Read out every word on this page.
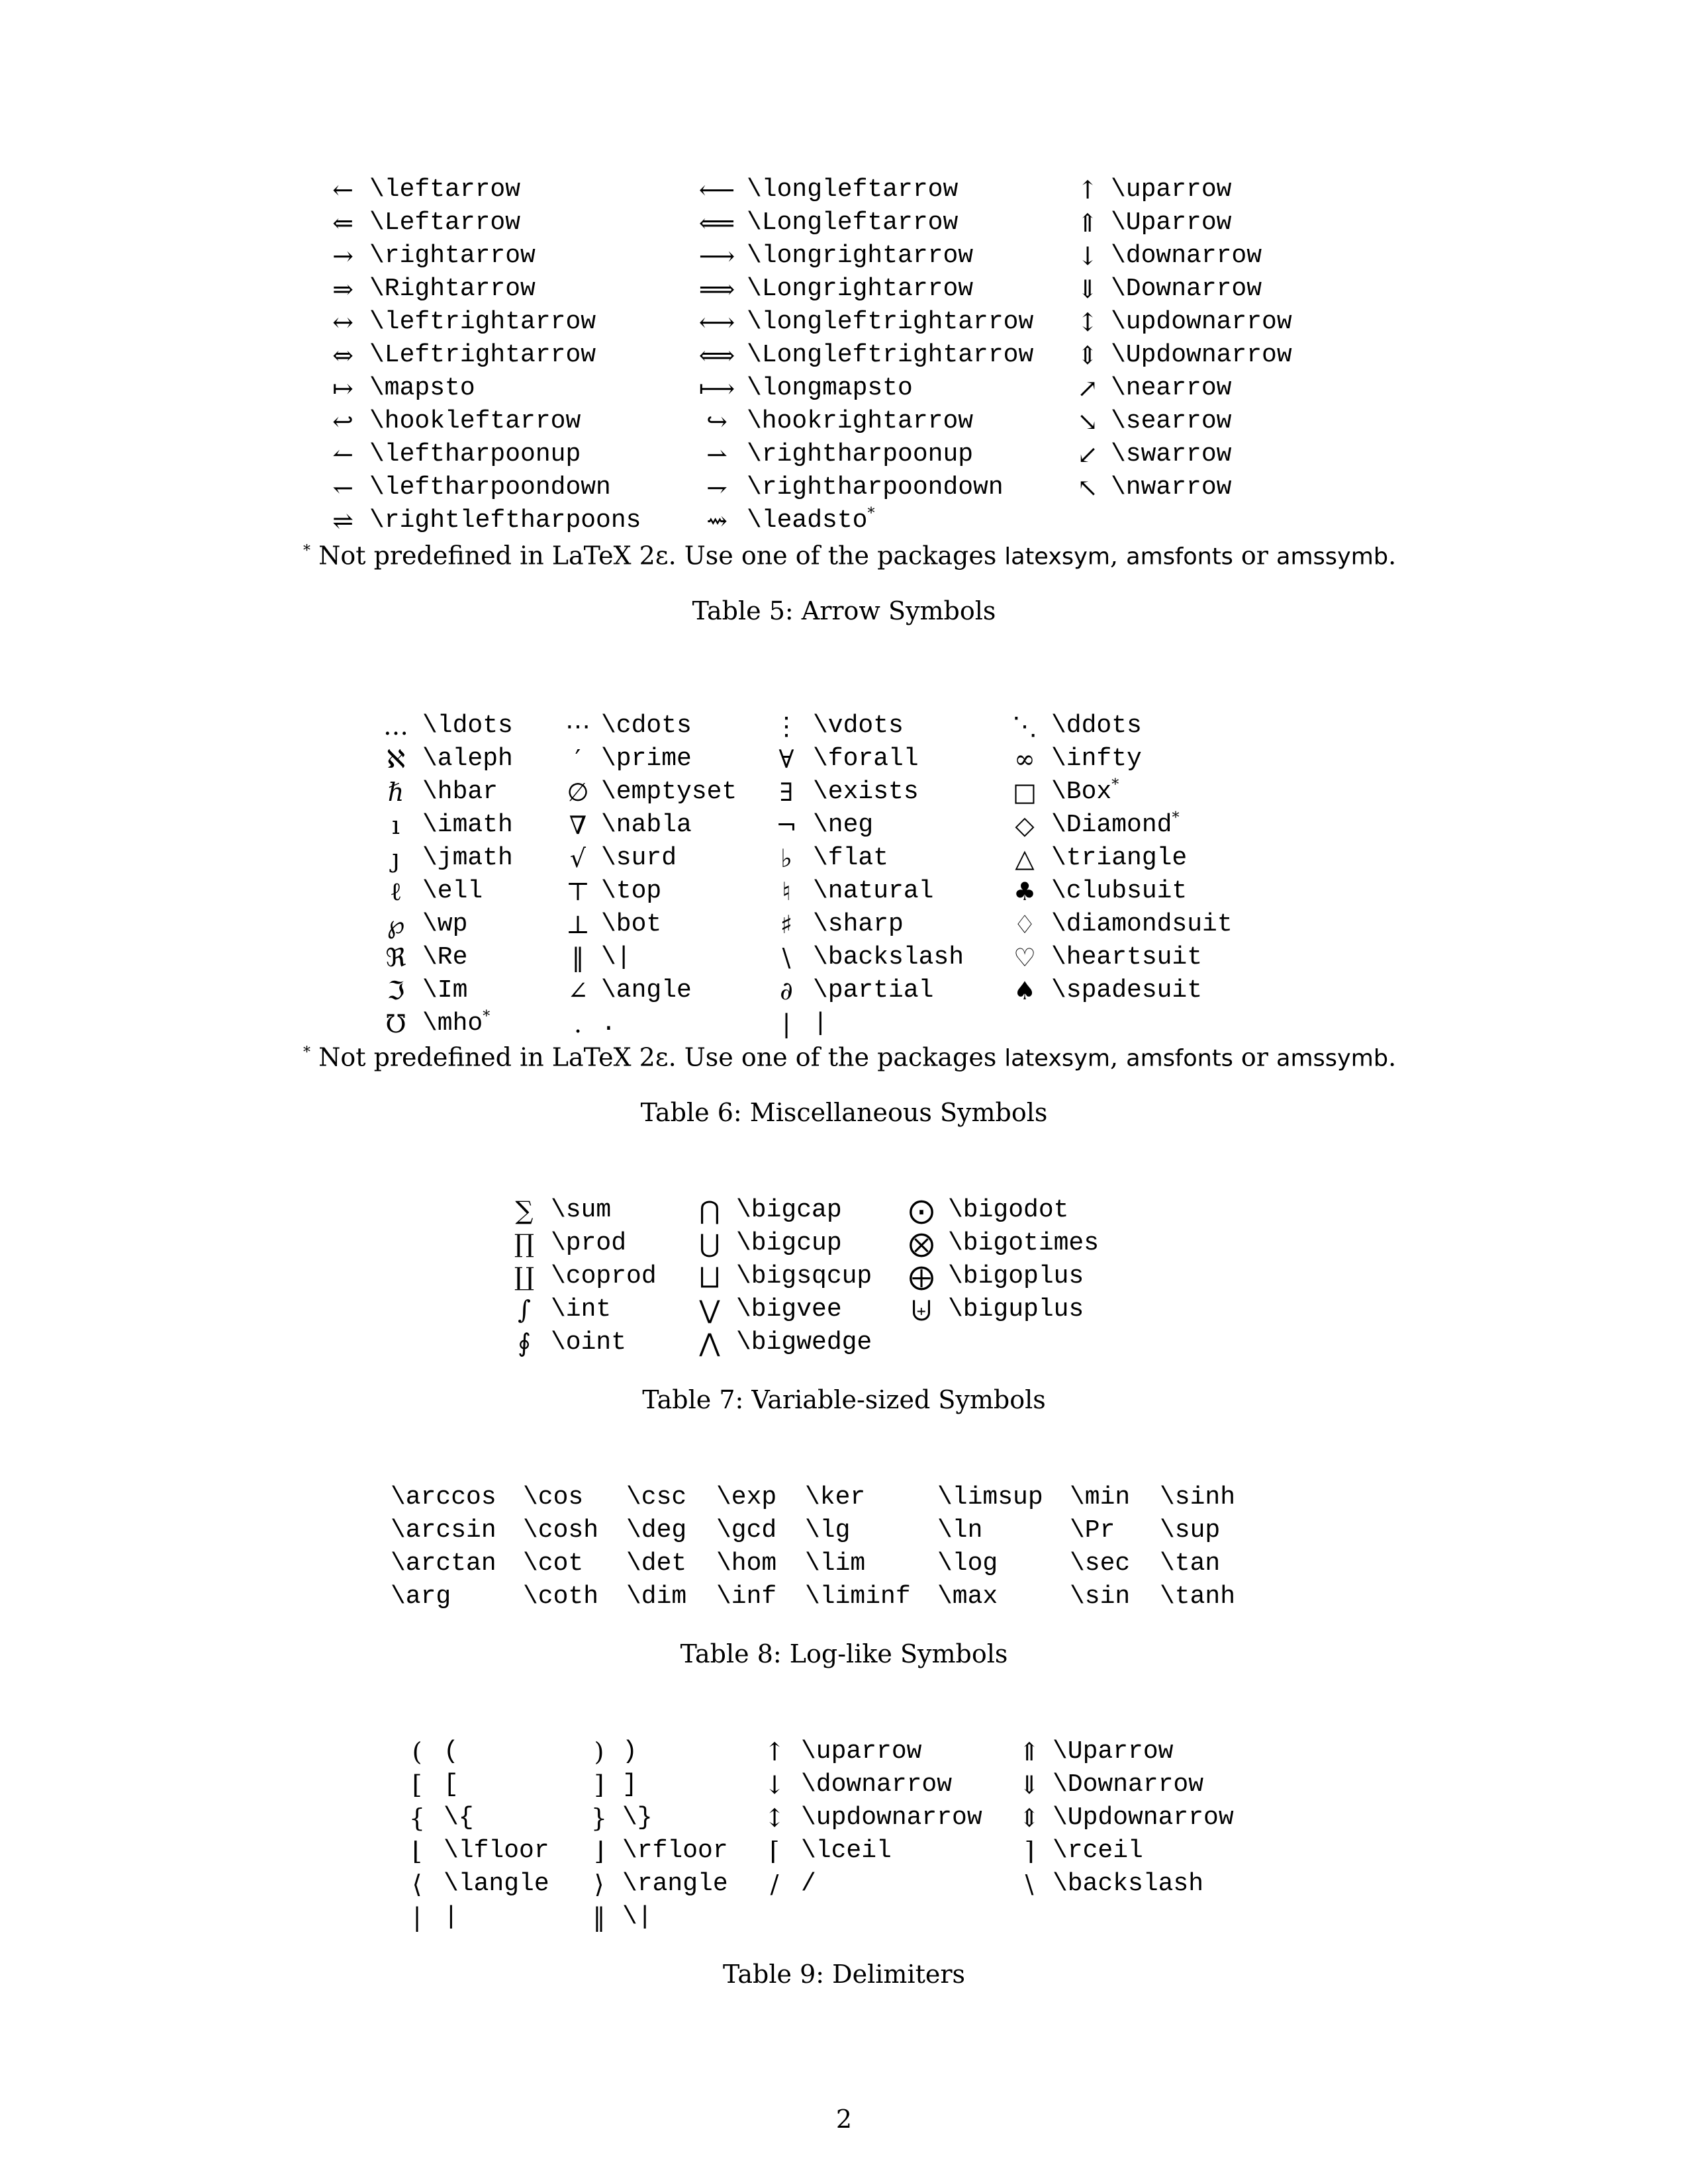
← \leftarrow	⟵ \longleftarrow	↑ \uparrow
⇐ \Leftarrow	⟸ \Longleftarrow	⇑ \Uparrow
→ \rightarrow	⟶ \longrightarrow	↓ \downarrow
⇒ \Rightarrow	⟹ \Longrightarrow	⇓ \Downarrow
↔ \leftrightarrow	⟷ \longleftrightarrow	↕ \updownarrow
⇔ \Leftrightarrow	⟺ \Longleftrightarrow	⇕ \Updownarrow
↦ \mapsto	⟼ \longmapsto	↗ \nearrow
↩ \hookleftarrow	↪ \hookrightarrow	↘ \searrow
↼ \leftharpoonup	⇀ \rightharpoonup	↙ \swarrow
↽ \leftharpoondown	⇁ \rightharpoondown	↖ \nwarrow
⇌ \rightleftharpoons	⇝ \leadsto*
* Not predefined in LaTeX 2ε. Use one of the packages latexsym, amsfonts or amssymb.
Table 5: Arrow Symbols
… \ldots	⋯ \cdots	⋮ \vdots	⋱ \ddots
ℵ \aleph	′ \prime	∀ \forall	∞ \infty
ℏ \hbar	∅ \emptyset	∃ \exists	□ \Box*
ı \imath	∇ \nabla	¬ \neg	◇ \Diamond*
ȷ \jmath	√ \surd	♭ \flat	△ \triangle
ℓ \ell	⊤ \top	♮ \natural	♣ \clubsuit
℘ \wp	⊥ \bot	♯ \sharp	♢ \diamondsuit
ℜ \Re	‖ \|	\ \backslash	♡ \heartsuit
ℑ \Im	∠ \angle	∂ \partial	♠ \spadesuit
℧ \mho*	. .	| |
* Not predefined in LaTeX 2ε. Use one of the packages latexsym, amsfonts or amssymb.
Table 6: Miscellaneous Symbols
∑ \sum	⋂ \bigcap	⨀ \bigodot
∏ \prod	⋃ \bigcup	⨂ \bigotimes
∐ \coprod	⨆ \bigsqcup	⨁ \bigoplus
∫ \int	⋁ \bigvee	⨄ \biguplus
∮ \oint	⋀ \bigwedge
Table 7: Variable-sized Symbols
\arccos	\cos	\csc	\exp	\ker	\limsup	\min	\sinh
\arcsin	\cosh	\deg	\gcd	\lg	\ln	\Pr	\sup
\arctan	\cot	\det	\hom	\lim	\log	\sec	\tan
\arg	\coth	\dim	\inf	\liminf	\max	\sin	\tanh
Table 8: Log-like Symbols
( (	) )	↑ \uparrow	⇑ \Uparrow
[ [	] ]	↓ \downarrow	⇓ \Downarrow
{ \{	} \}	↕ \updownarrow	⇕ \Updownarrow
⌊ \lfloor	⌋ \rfloor	⌈ \lceil	⌉ \rceil
⟨ \langle	⟩ \rangle	/ /	\ \backslash
| |	‖ \|
Table 9: Delimiters
2
